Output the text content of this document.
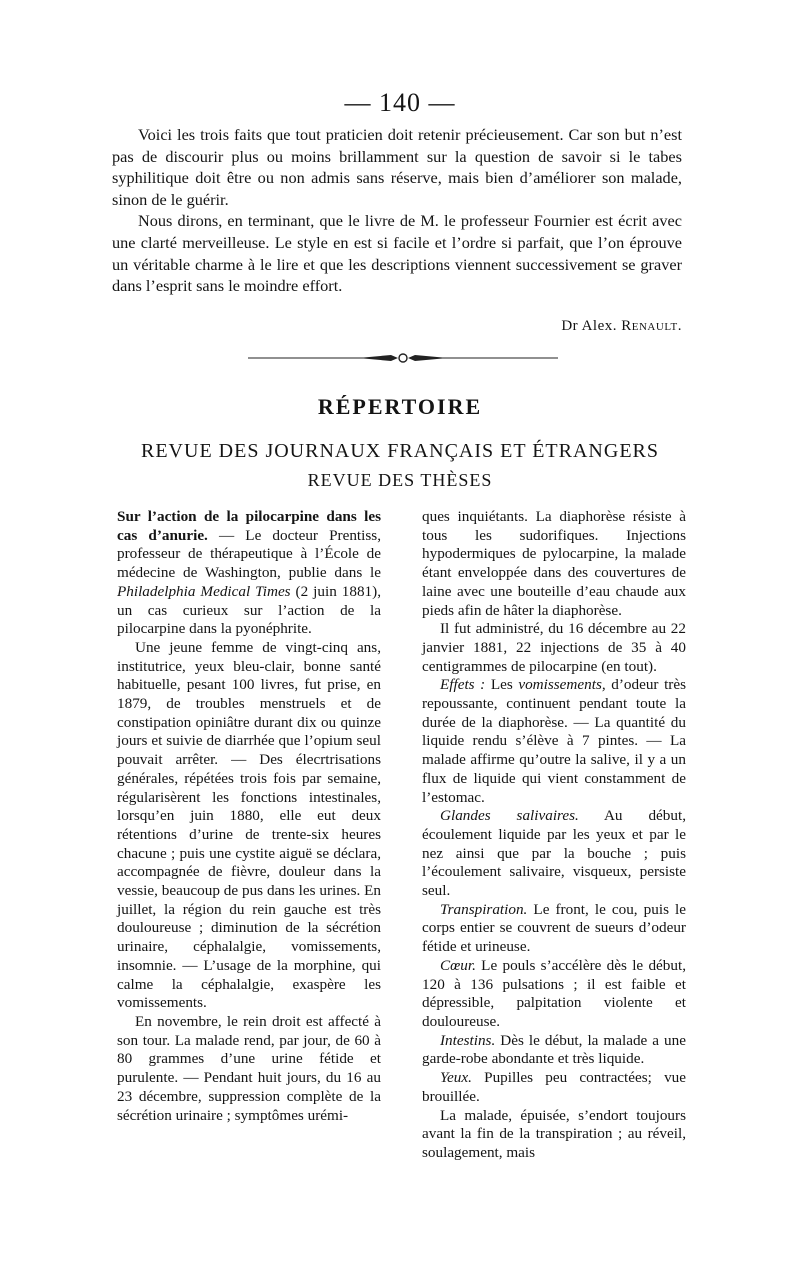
— 140 —

Voici les trois faits que tout praticien doit retenir précieusement. Car son but n’est pas de discourir plus ou moins brillamment sur la question de savoir si le tabes syphilitique doit être ou non admis sans réserve, mais bien d’améliorer son malade, sinon de le guérir.

Nous dirons, en terminant, que le livre de M. le professeur Fournier est écrit avec une clarté merveilleuse. Le style en est si facile et l’ordre si parfait, que l’on éprouve un véritable charme à le lire et que les descriptions viennent successivement se graver dans l’esprit sans le moindre effort.

Dr Alex. Renault.
RÉPERTOIRE
REVUE DES JOURNAUX FRANÇAIS ET ÉTRANGERS
REVUE DES THÈSES

Sur l’action de la pilocarpine dans les cas d’anurie. — Le docteur Prentiss, professeur de thérapeutique à l’École de médecine de Washington, publie dans le Philadelphia Medical Times (2 juin 1881), un cas curieux sur l’action de la pilocarpine dans la pyonéphrite.

Une jeune femme de vingt-cinq ans, institutrice, yeux bleu-clair, bonne santé habituelle, pesant 100 livres, fut prise, en 1879, de troubles menstruels et de constipation opiniâtre durant dix ou quinze jours et suivie de diarrhée que l’opium seul pouvait arrêter. — Des élecrtrisations générales, répétées trois fois par semaine, régularisèrent les fonctions intestinales, lorsqu’en juin 1880, elle eut deux rétentions d’urine de trente-six heures chacune ; puis une cystite aiguë se déclara, accompagnée de fièvre, douleur dans la vessie, beaucoup de pus dans les urines. En juillet, la région du rein gauche est très douloureuse ; diminution de la sécrétion urinaire, céphalalgie, vomissements, insomnie. — L’usage de la morphine, qui calme la céphalalgie, exaspère les vomissements.

En novembre, le rein droit est affecté à son tour. La malade rend, par jour, de 60 à 80 grammes d’une urine fétide et purulente. — Pendant huit jours, du 16 au 23 décembre, suppression complète de la sécrétion urinaire ; symptômes urémi-

ques inquiétants. La diaphorèse résiste à tous les sudorifiques. Injections hypodermiques de pylocarpine, la malade étant enveloppée dans des couvertures de laine avec une bouteille d’eau chaude aux pieds afin de hâter la diaphorèse.

Il fut administré, du 16 décembre au 22 janvier 1881, 22 injections de 35 à 40 centigrammes de pilocarpine (en tout).

Effets : Les vomissements, d’odeur très repoussante, continuent pendant toute la durée de la diaphorèse. — La quantité du liquide rendu s’élève à 7 pintes. — La malade affirme qu’outre la salive, il y a un flux de liquide qui vient constamment de l’estomac.

Glandes salivaires. Au début, écoulement liquide par les yeux et par le nez ainsi que par la bouche ; puis l’écoulement salivaire, visqueux, persiste seul.

Transpiration. Le front, le cou, puis le corps entier se couvrent de sueurs d’odeur fétide et urineuse.

Cœur. Le pouls s’accélère dès le début, 120 à 136 pulsations ; il est faible et dépressible, palpitation violente et douloureuse.

Intestins. Dès le début, la malade a une garde-robe abondante et très liquide.

Yeux. Pupilles peu contractées; vue brouillée.

La malade, épuisée, s’endort toujours avant la fin de la transpiration ; au réveil, soulagement, mais
